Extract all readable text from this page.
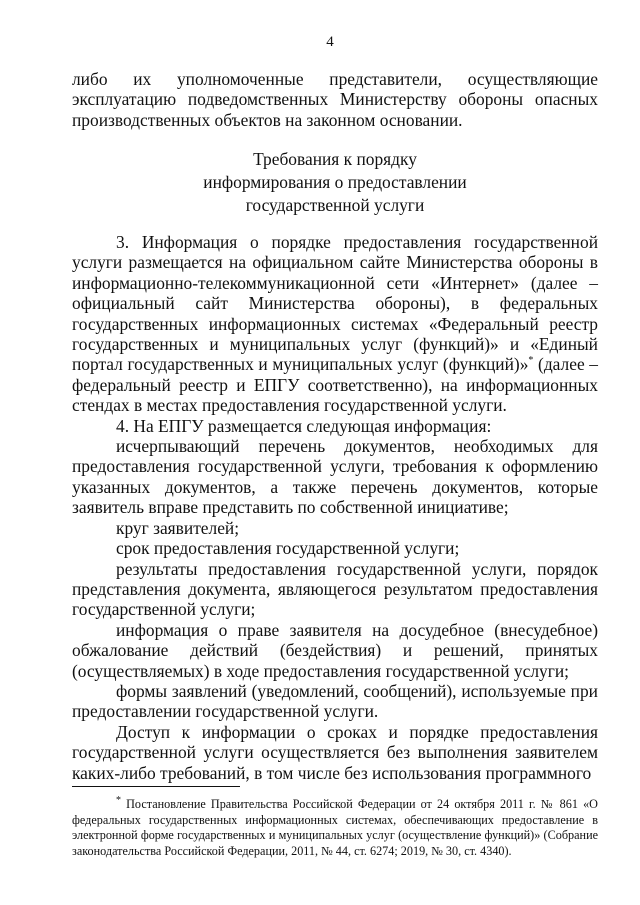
4

либо их уполномоченные представители, осуществляющие эксплуатацию подведомственных Министерству обороны опасных производственных объектов на законном основании.

Требования к порядку
информирования о предоставлении
государственной услуги

3. Информация о порядке предоставления государственной услуги размещается на официальном сайте Министерства обороны в информационно-телекоммуникационной сети «Интернет» (далее – официальный сайт Министерства обороны), в федеральных государственных информационных системах «Федеральный реестр государственных и муниципальных услуг (функций)» и «Единый портал государственных и муниципальных услуг (функций)»* (далее – федеральный реестр и ЕПГУ соответственно), на информационных стендах в местах предоставления государственной услуги.

4. На ЕПГУ размещается следующая информация:

исчерпывающий перечень документов, необходимых для предоставления государственной услуги, требования к оформлению указанных документов, а также перечень документов, которые заявитель вправе представить по собственной инициативе;

круг заявителей;

срок предоставления государственной услуги;

результаты предоставления государственной услуги, порядок представления документа, являющегося результатом предоставления государственной услуги;

информация о праве заявителя на досудебное (внесудебное) обжалование действий (бездействия) и решений, принятых (осуществляемых) в ходе предоставления государственной услуги;

формы заявлений (уведомлений, сообщений), используемые при предоставлении государственной услуги.

Доступ к информации о сроках и порядке предоставления государственной услуги осуществляется без выполнения заявителем каких-либо требований, в том числе без использования программного

* Постановление Правительства Российской Федерации от 24 октября 2011 г. № 861 «О федеральных государственных информационных системах, обеспечивающих предоставление в электронной форме государственных и муниципальных услуг (осуществление функций)» (Собрание законодательства Российской Федерации, 2011, № 44, ст. 6274; 2019, № 30, ст. 4340).
